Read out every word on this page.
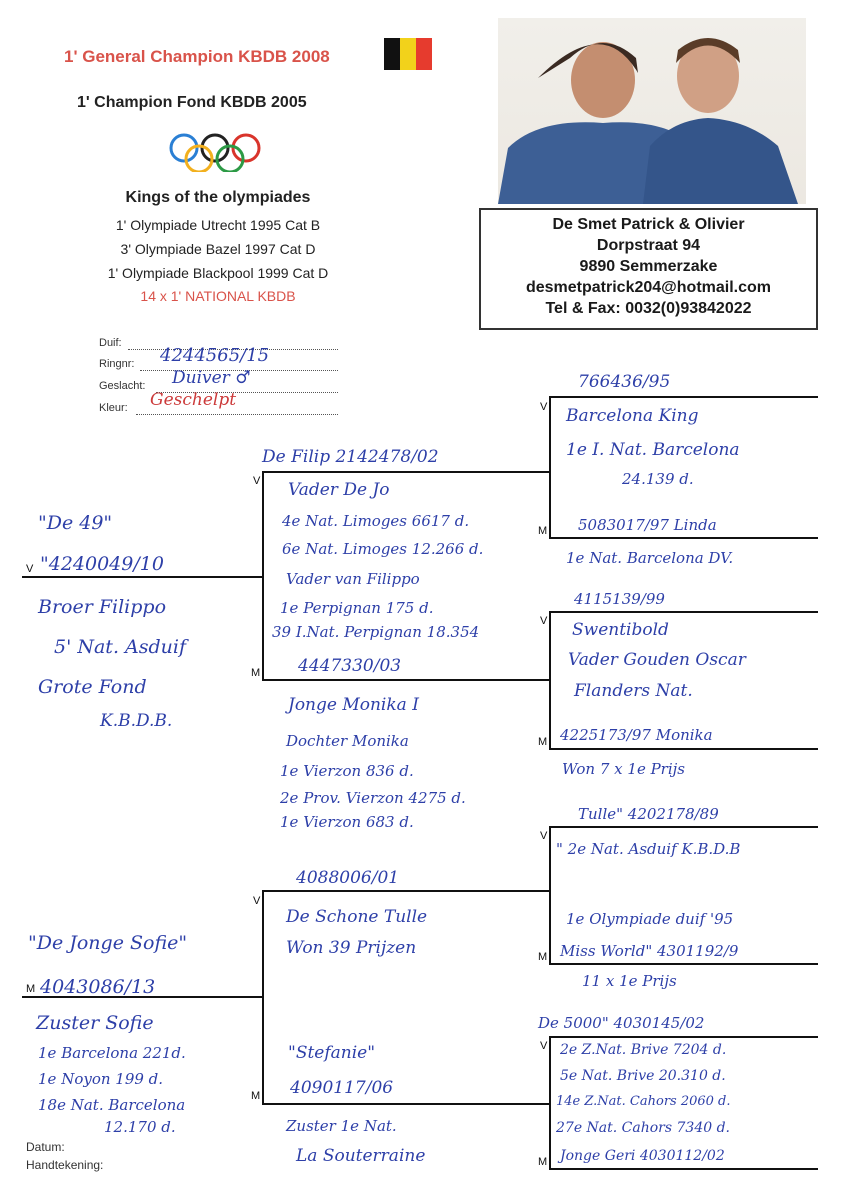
1' General Champion KBDB 2008
1' Champion Fond KBDB 2005
Kings of the olympiades
1' Olympiade Utrecht 1995 Cat B
3' Olympiade Bazel 1997 Cat D
1' Olympiade Blackpool 1999 Cat D
14 x 1' NATIONAL KBDB
De Smet Patrick & Olivier
Dorpstraat 94
9890 Semmerzake
desmetpatrick204@hotmail.com
Tel & Fax: 0032(0)93842022
Duif:
Ringnr: 4244565/15
Geslacht: Duiver ♂
Kleur: Geschelpt
V
M
V
M
V
M
V
M
V
M
V
M
V
M
"De 49"
"4240049/10
Broer Filippo
5' Nat. Asduif
Grote Fond
K.B.D.B.
"De Jonge Sofie"
4043086/13
Zuster Sofie
1e Barcelona 221d.
1e Noyon 199 d.
18e Nat. Barcelona
12.170 d.
De Filip 2142478/02
Vader De Jo
4e Nat. Limoges 6617 d.
6e Nat. Limoges 12.266 d.
Vader van Filippo
1e Perpignan 175 d.
39 I.Nat. Perpignan 18.354
4447330/03
Jonge Monika I
Dochter Monika
1e Vierzon 836 d.
2e Prov. Vierzon 4275 d.
1e Vierzon 683 d.
4088006/01
De Schone Tulle
Won 39 Prijzen
"Stefanie"
4090117/06
Zuster 1e Nat.
La Souterraine
766436/95
Barcelona King
1e I. Nat. Barcelona
24.139 d.
5083017/97 Linda
1e Nat. Barcelona DV.
4115139/99
Swentibold
Vader Gouden Oscar
Flanders Nat.
4225173/97 Monika
Won 7 x 1e Prijs
Tulle" 4202178/89
" 2e Nat. Asduif K.B.D.B
1e Olympiade duif '95
Miss World" 4301192/9
11 x 1e Prijs
De 5000" 4030145/02
2e Z.Nat. Brive 7204 d.
5e Nat. Brive 20.310 d.
14e Z.Nat. Cahors 2060 d.
27e Nat. Cahors 7340 d.
Jonge Geri 4030112/02
Datum:
Handtekening:
